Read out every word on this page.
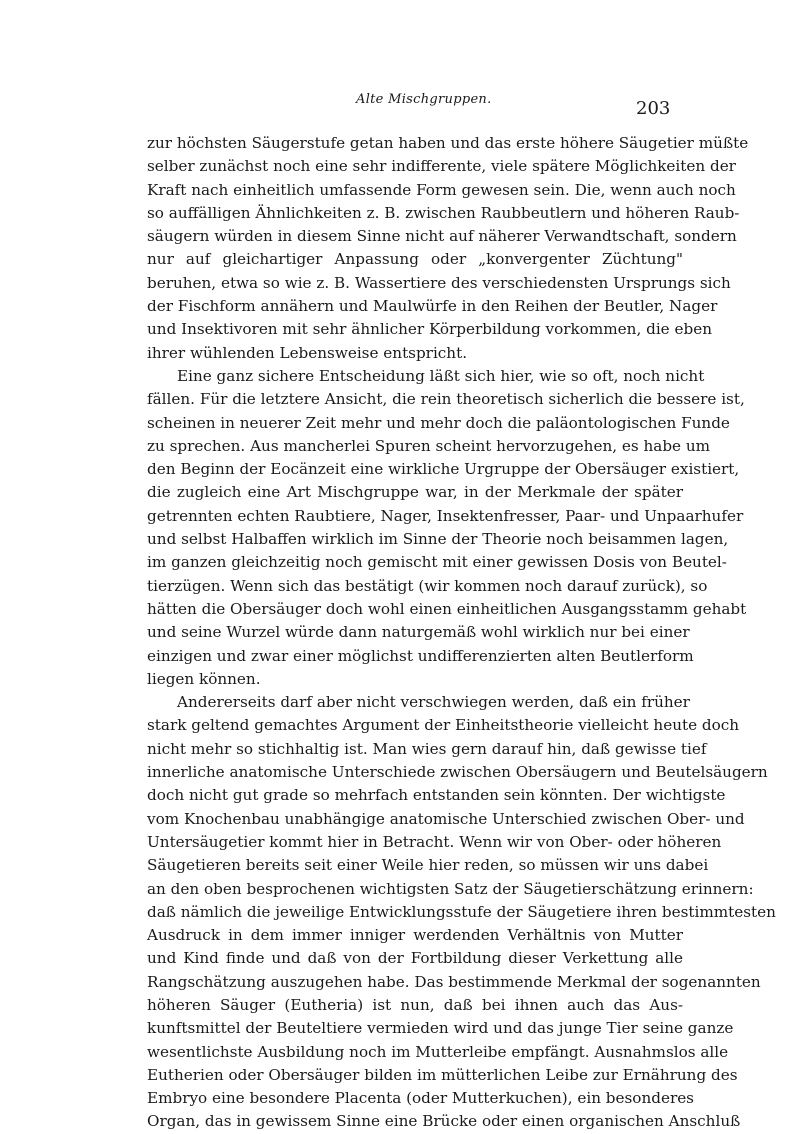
Alte Mischgruppen.	203
zur höchsten Säugerstufe getan haben und das erste höhere Säugetier müßte
selber zunächst noch eine sehr indifferente, viele spätere Möglichkeiten der
Kraft nach einheitlich umfassende Form gewesen sein. Die, wenn auch noch
so auffälligen Ähnlichkeiten z. B. zwischen Raubbeutlern und höheren Raub-
säugern würden in diesem Sinne nicht auf näherer Verwandtschaft, sondern
nur auf gleichartiger Anpassung oder „konvergenter Züchtung"
beruhen, etwa so wie z. B. Wassertiere des verschiedensten Ursprungs sich
der Fischform annähern und Maulwürfe in den Reihen der Beutler, Nager
und Insektivoren mit sehr ähnlicher Körperbildung vorkommen, die eben
ihrer wühlenden Lebensweise entspricht.
Eine ganz sichere Entscheidung läßt sich hier, wie so oft, noch nicht
fällen. Für die letztere Ansicht, die rein theoretisch sicherlich die bessere ist,
scheinen in neuerer Zeit mehr und mehr doch die paläontologischen Funde
zu sprechen. Aus mancherlei Spuren scheint hervorzugehen, es habe um
den Beginn der Eocänzeit eine wirkliche Urgruppe der Obersäuger existiert,
die zugleich eine Art Mischgruppe war, in der Merkmale der später
getrennten echten Raubtiere, Nager, Insektenfresser, Paar- und Unpaarhufer
und selbst Halbaffen wirklich im Sinne der Theorie noch beisammen lagen,
im ganzen gleichzeitig noch gemischt mit einer gewissen Dosis von Beutel-
tierzügen. Wenn sich das bestätigt (wir kommen noch darauf zurück), so
hätten die Obersäuger doch wohl einen einheitlichen Ausgangsstamm gehabt
und seine Wurzel würde dann naturgemäß wohl wirklich nur bei einer
einzigen und zwar einer möglichst undifferenzierten alten Beutlerform
liegen können.
Andererseits darf aber nicht verschwiegen werden, daß ein früher
stark geltend gemachtes Argument der Einheitstheorie vielleicht heute doch
nicht mehr so stichhaltig ist. Man wies gern darauf hin, daß gewisse tief
innerliche anatomische Unterschiede zwischen Obersäugern und Beutelsäugern
doch nicht gut grade so mehrfach entstanden sein könnten. Der wichtigste
vom Knochenbau unabhängige anatomische Unterschied zwischen Ober- und
Untersäugetier kommt hier in Betracht. Wenn wir von Ober- oder höheren
Säugetieren bereits seit einer Weile hier reden, so müssen wir uns dabei
an den oben besprochenen wichtigsten Satz der Säugetierschätzung erinnern:
daß nämlich die jeweilige Entwicklungsstufe der Säugetiere ihren bestimmtesten
Ausdruck in dem immer inniger werdenden Verhältnis von Mutter
und Kind finde und daß von der Fortbildung dieser Verkettung alle
Rangschätzung auszugehen habe. Das bestimmende Merkmal der sogenannten
höheren Säuger (Eutheria) ist nun, daß bei ihnen auch das Aus-
kunftsmittel der Beuteltiere vermieden wird und das junge Tier seine ganze
wesentlichste Ausbildung noch im Mutterleibe empfängt. Ausnahmslos alle
Eutherien oder Obersäuger bilden im mütterlichen Leibe zur Ernährung des
Embryo eine besondere Placenta (oder Mutterkuchen), ein besonderes
Organ, das in gewissem Sinne eine Brücke oder einen organischen Anschluß
